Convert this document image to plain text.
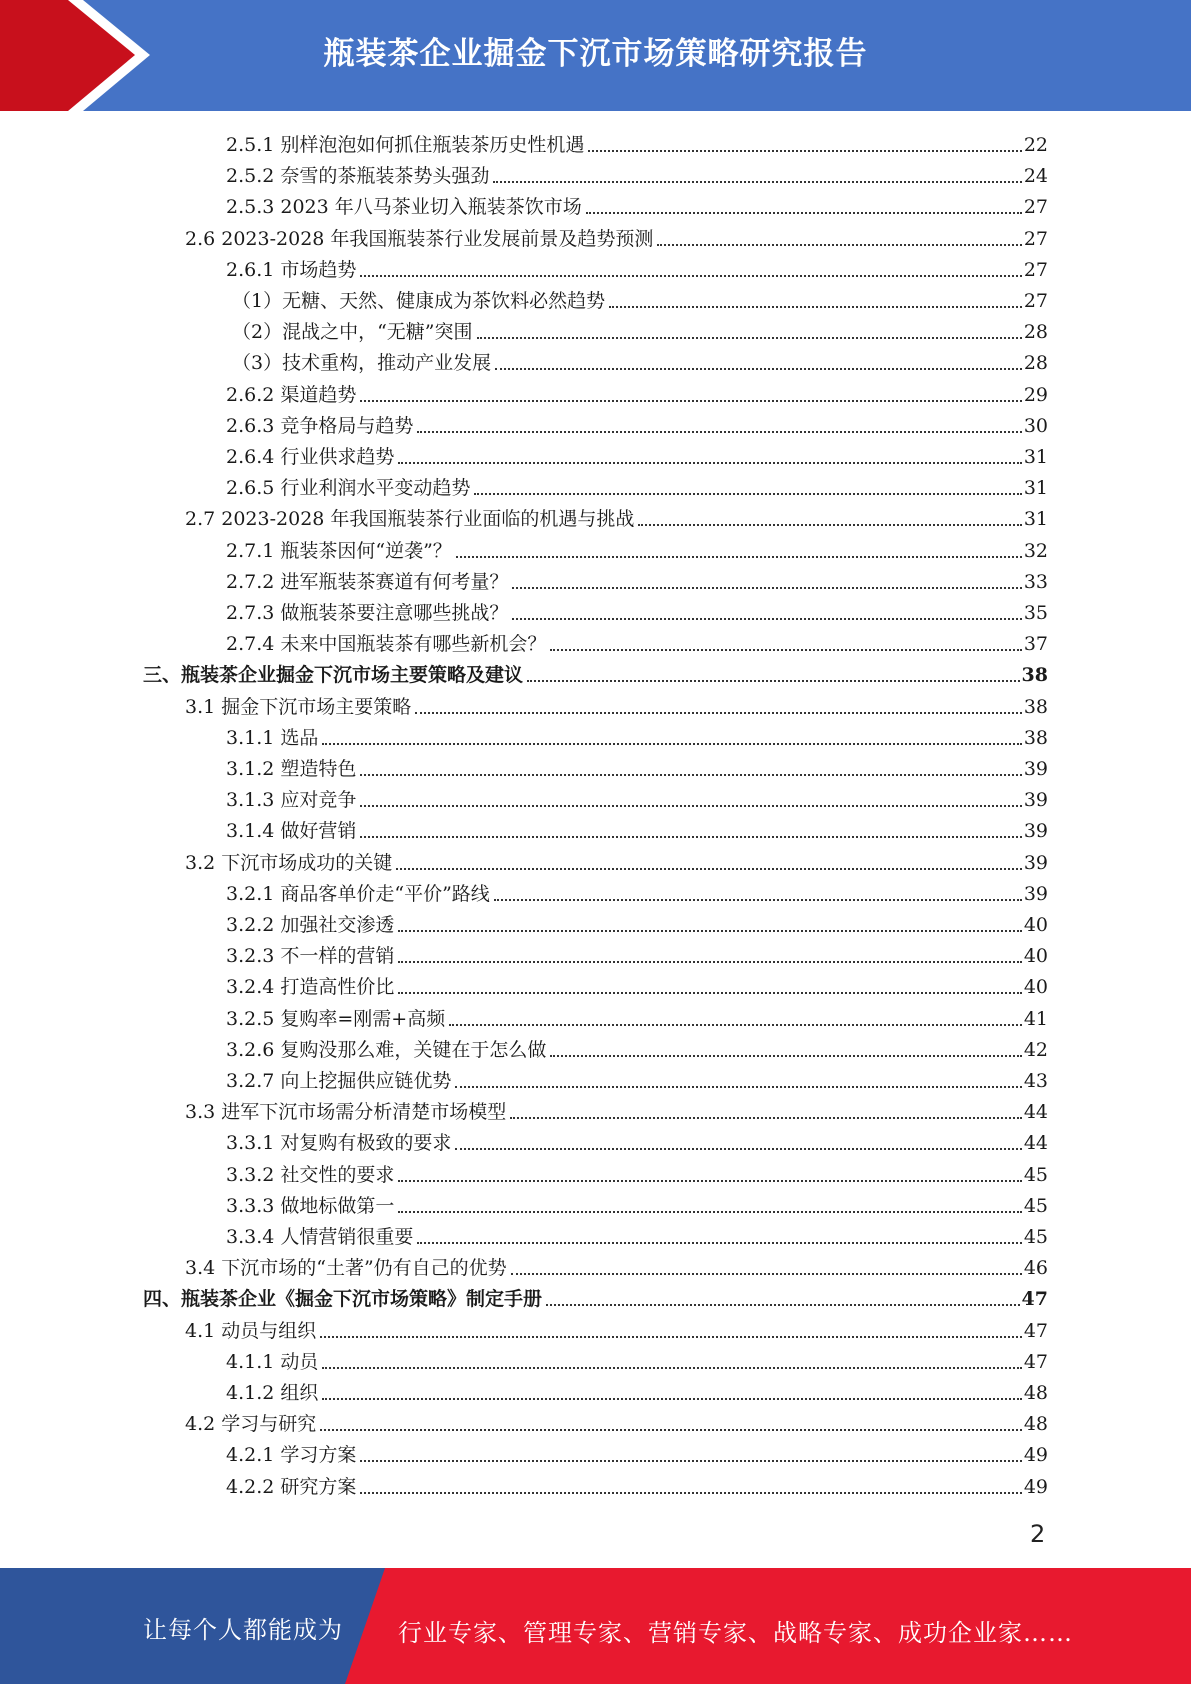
瓶装茶企业掘金下沉市场策略研究报告
2.5.1 别样泡泡如何抓住瓶装茶历史性机遇	22
2.5.2 奈雪的茶瓶装茶势头强劲	24
2.5.3 2023 年八马茶业切入瓶装茶饮市场	27
2.6 2023-2028 年我国瓶装茶行业发展前景及趋势预测	27
2.6.1 市场趋势	27
（1）无糖、天然、健康成为茶饮料必然趋势	27
（2）混战之中，“无糖”突围	28
（3）技术重构，推动产业发展	28
2.6.2 渠道趋势	29
2.6.3 竞争格局与趋势	30
2.6.4 行业供求趋势	31
2.6.5 行业利润水平变动趋势	31
2.7 2023-2028 年我国瓶装茶行业面临的机遇与挑战	31
2.7.1 瓶装茶因何“逆袭”？	32
2.7.2 进军瓶装茶赛道有何考量？	33
2.7.3 做瓶装茶要注意哪些挑战？	35
2.7.4 未来中国瓶装茶有哪些新机会？	37
三、瓶装茶企业掘金下沉市场主要策略及建议	38
3.1 掘金下沉市场主要策略	38
3.1.1 选品	38
3.1.2 塑造特色	39
3.1.3 应对竞争	39
3.1.4 做好营销	39
3.2 下沉市场成功的关键	39
3.2.1 商品客单价走“平价”路线	39
3.2.2 加强社交渗透	40
3.2.3 不一样的营销	40
3.2.4 打造高性价比	40
3.2.5 复购率=刚需+高频	41
3.2.6 复购没那么难，关键在于怎么做	42
3.2.7 向上挖掘供应链优势	43
3.3 进军下沉市场需分析清楚市场模型	44
3.3.1 对复购有极致的要求	44
3.3.2 社交性的要求	45
3.3.3 做地标做第一	45
3.3.4 人情营销很重要	45
3.4 下沉市场的“土著”仍有自己的优势	46
四、瓶装茶企业《掘金下沉市场策略》制定手册	47
4.1 动员与组织	47
4.1.1 动员	47
4.1.2 组织	48
4.2 学习与研究	48
4.2.1 学习方案	49
4.2.2 研究方案	49
2
让每个人都能成为 行业专家、管理专家、营销专家、战略专家、成功企业家……
